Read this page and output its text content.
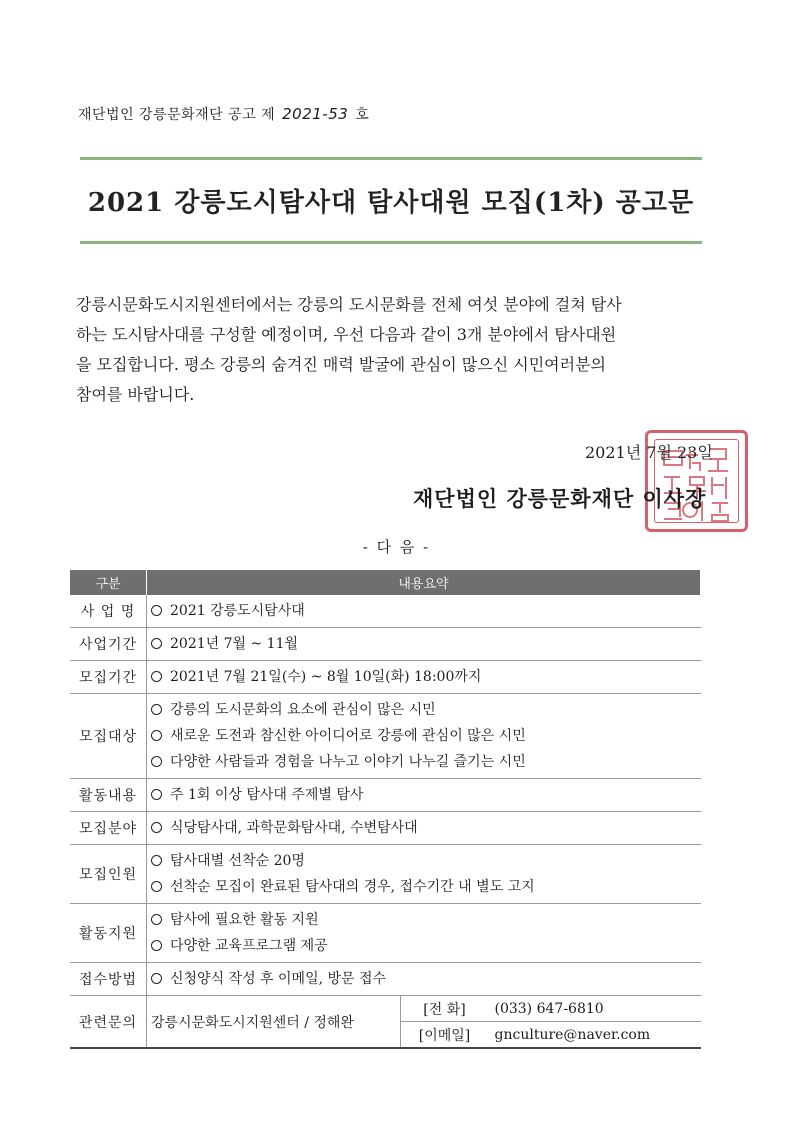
재단법인 강릉문화재단 공고 제 2021-53 호
2021 강릉도시탐사대 탐사대원 모집(1차) 공고문
강릉시문화도시지원센터에서는 강릉의 도시문화를 전체 여섯 분야에 걸쳐 탐사
하는 도시탐사대를 구성할 예정이며, 우선 다음과 같이 3개 분야에서 탐사대원
을 모집합니다. 평소 강릉의 숨겨진 매력 발굴에 관심이 많으신 시민여러분의
참여를 바랍니다.
2021년 7월 23일
재단법인 강릉문화재단 이사장
- 다 음 -
구분	내용요약
사 업 명	2021 강릉도시탐사대

사업기간	2021년 7월 ~ 11월

모집기간	2021년 7월 21일(수) ~ 8월 10일(화) 18:00까지

모집대상	강릉의 도시문화의 요소에 관심이 많은 시민
새로운 도전과 참신한 아이디어로 강릉에 관심이 많은 시민
다양한 사람들과 경험을 나누고 이야기 나누길 즐기는 시민

활동내용	주 1회 이상 탐사대 주제별 탐사

모집분야	식당탐사대, 과학문화탐사대, 수변탐사대

모집인원	탐사대별 선착순 20명
선착순 모집이 완료된 탐사대의 경우, 접수기간 내 별도 고지

활동지원	탐사에 필요한 활동 지원
다양한 교육프로그램 제공

접수방법	신청양식 작성 후 이메일, 방문 접수

관련문의	강릉시문화도시지원센터 / 정해완
[전 화] (033) 647-6810
[이메일] gnculture@naver.com
